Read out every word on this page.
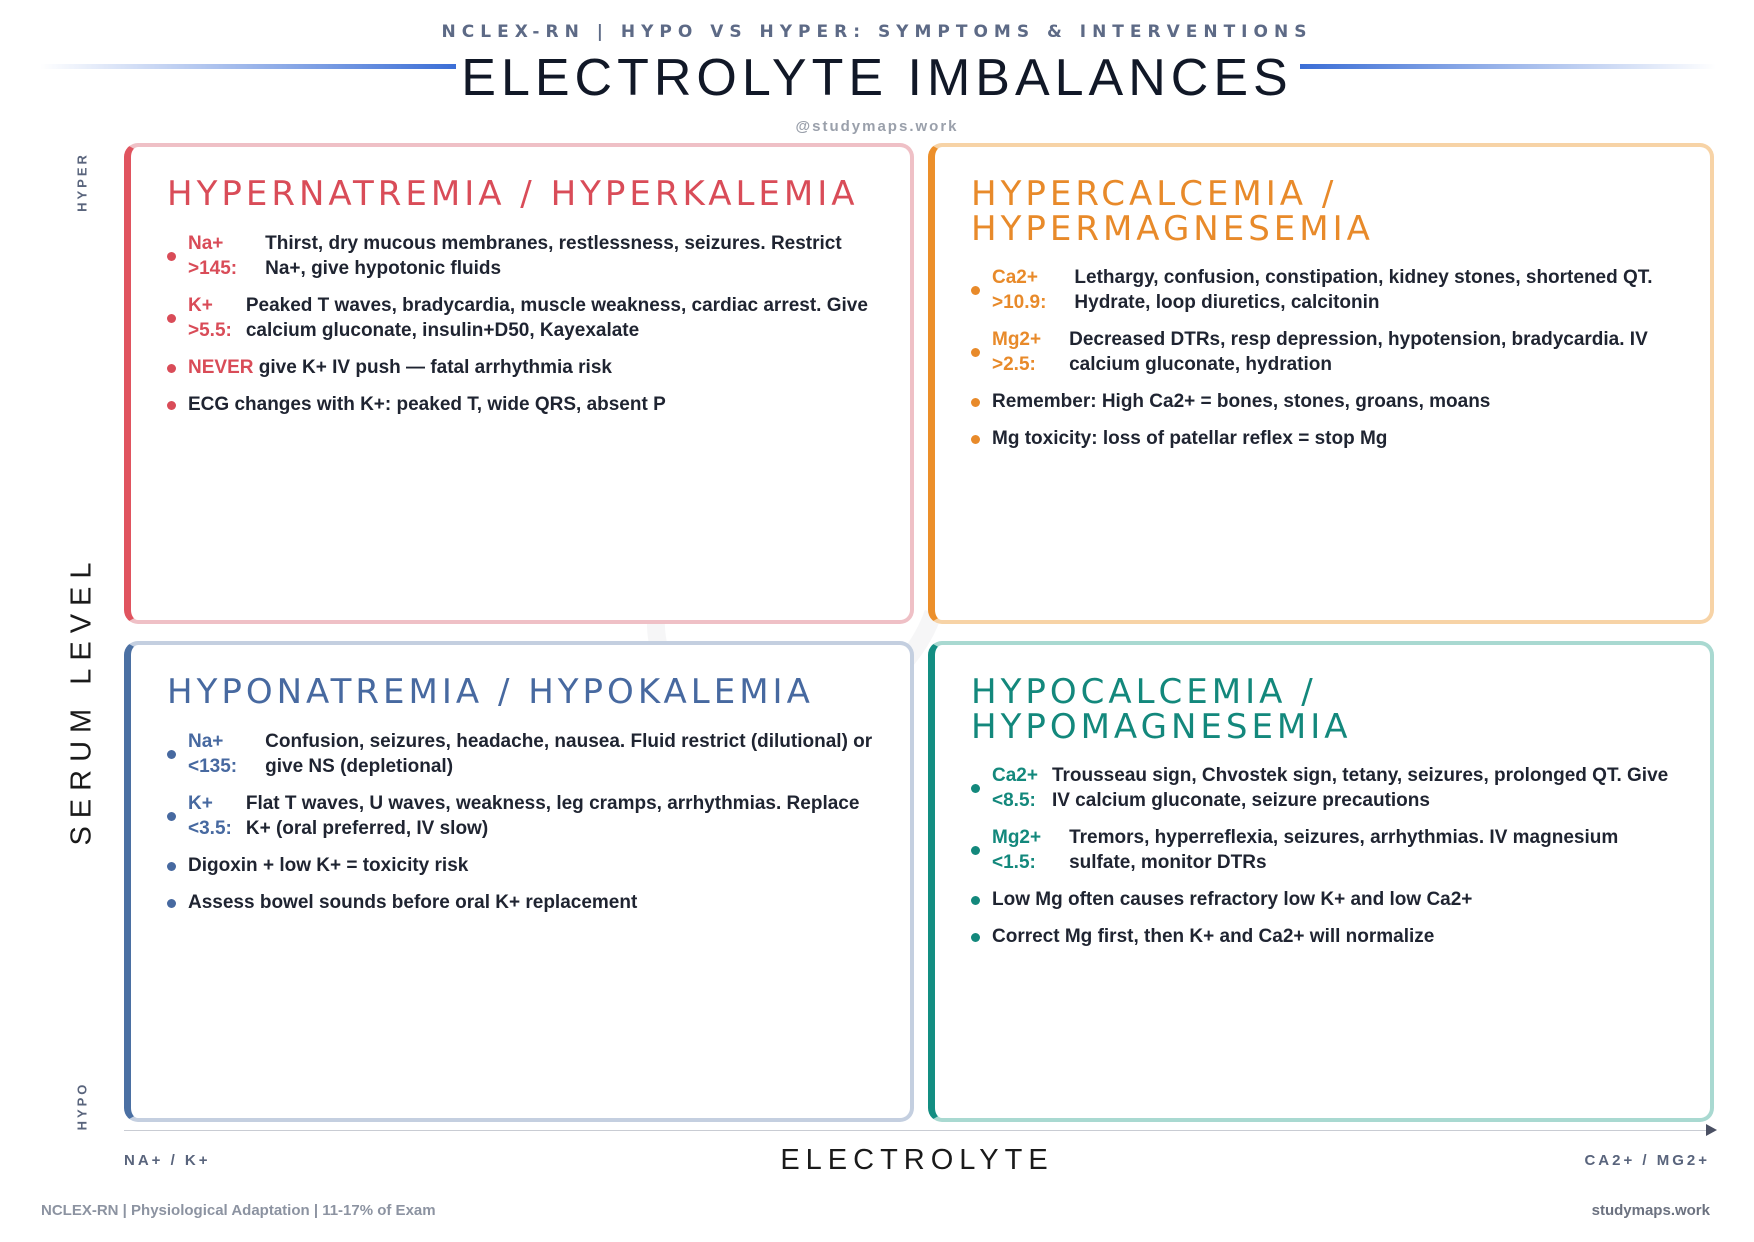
NCLEX-RN | HYPO VS HYPER: SYMPTOMS & INTERVENTIONS
ELECTROLYTE IMBALANCES
@studymaps.work
HYPER
SERUM LEVEL
HYPO
HYPERNATREMIA / HYPERKALEMIA
Na+
>145:
Thirst, dry mucous membranes, restlessness, seizures. Restrict Na+, give hypotonic fluids
K+
>5.5:
Peaked T waves, bradycardia, muscle weakness, cardiac arrest. Give calcium gluconate, insulin+D50, Kayexalate
NEVER give K+ IV push — fatal arrhythmia risk
ECG changes with K+: peaked T, wide QRS, absent P
HYPERCALCEMIA / HYPERMAGNESEMIA
Ca2+
>10.9:
Lethargy, confusion, constipation, kidney stones, shortened QT. Hydrate, loop diuretics, calcitonin
Mg2+
>2.5:
Decreased DTRs, resp depression, hypotension, bradycardia. IV calcium gluconate, hydration
Remember: High Ca2+ = bones, stones, groans, moans
Mg toxicity: loss of patellar reflex = stop Mg
HYPONATREMIA / HYPOKALEMIA
Na+
<135:
Confusion, seizures, headache, nausea. Fluid restrict (dilutional) or give NS (depletional)
K+
<3.5:
Flat T waves, U waves, weakness, leg cramps, arrhythmias. Replace K+ (oral preferred, IV slow)
Digoxin + low K+ = toxicity risk
Assess bowel sounds before oral K+ replacement
HYPOCALCEMIA / HYPOMAGNESEMIA
Ca2+
<8.5:
Trousseau sign, Chvostek sign, tetany, seizures, prolonged QT. Give IV calcium gluconate, seizure precautions
Mg2+
<1.5:
Tremors, hyperreflexia, seizures, arrhythmias. IV magnesium sulfate, monitor DTRs
Low Mg often causes refractory low K+ and low Ca2+
Correct Mg first, then K+ and Ca2+ will normalize
NA+ / K+	ELECTROLYTE	CA2+ / MG2+
NCLEX-RN | Physiological Adaptation | 11-17% of Exam	studymaps.work
